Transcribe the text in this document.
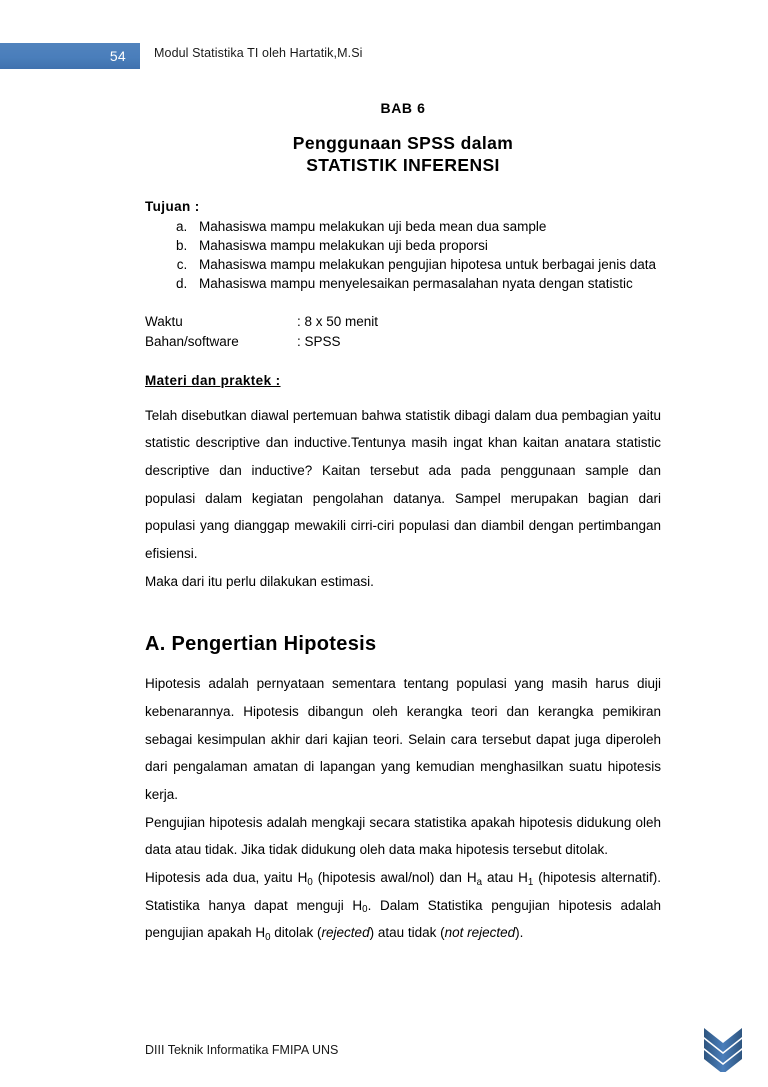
54 Modul Statistika TI oleh Hartatik,M.Si
BAB 6
Penggunaan SPSS dalam
STATISTIK INFERENSI
Tujuan :
a. Mahasiswa mampu melakukan uji beda mean dua sample
b. Mahasiswa mampu melakukan uji beda proporsi
c. Mahasiswa mampu melakukan pengujian hipotesa untuk berbagai jenis data
d. Mahasiswa mampu menyelesaikan permasalahan nyata dengan statistic
Waktu	: 8 x 50 menit
Bahan/software	: SPSS
Materi dan praktek :

Telah disebutkan diawal pertemuan bahwa statistik dibagi dalam dua pembagian yaitu statistic descriptive dan inductive.Tentunya masih ingat khan kaitan anatara statistic descriptive dan inductive? Kaitan tersebut ada pada penggunaan sample dan populasi dalam kegiatan pengolahan datanya. Sampel merupakan bagian dari populasi yang dianggap mewakili cirri-ciri populasi dan diambil dengan pertimbangan efisiensi.

Maka dari itu perlu dilakukan estimasi.

A. Pengertian Hipotesis

Hipotesis adalah pernyataan sementara tentang populasi yang masih harus diuji kebenarannya. Hipotesis dibangun oleh kerangka teori dan kerangka pemikiran sebagai kesimpulan akhir dari kajian teori. Selain cara tersebut dapat juga diperoleh dari pengalaman amatan di lapangan yang kemudian menghasilkan suatu hipotesis kerja.

Pengujian hipotesis adalah mengkaji secara statistika apakah hipotesis didukung oleh data atau tidak. Jika tidak didukung oleh data maka hipotesis tersebut ditolak.

Hipotesis ada dua, yaitu $H_0$ (hipotesis awal/nol) dan $H_a$ atau $H_1$ (hipotesis alternatif). Statistika hanya dapat menguji $H_0$. Dalam Statistika pengujian hipotesis adalah pengujian apakah $H_0$ ditolak (rejected) atau tidak (not rejected).

DIII Teknik Informatika FMIPA UNS
